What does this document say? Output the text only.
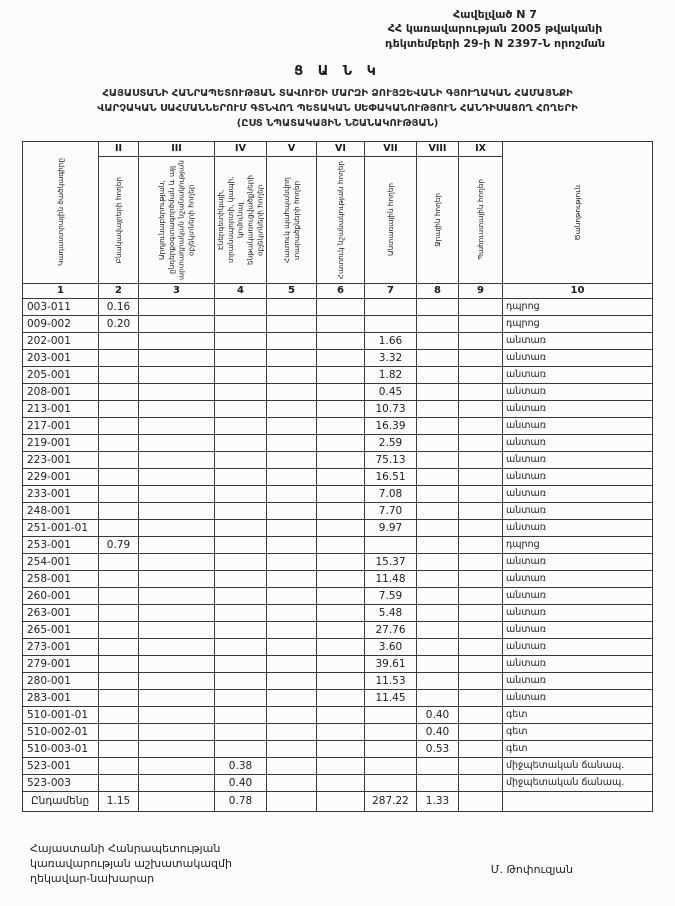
Հավելված N 7
ՀՀ կառավարության 2005 թվականի
դեկտեմբերի 29-ի N 2397-Ն որոշման
Ց Ա Ն Կ
ՀԱՅԱՍՏԱՆԻ ՀԱՆՐԱՊԵՏՈՒԹՅԱՆ ՏԱՎՈՒՇԻ ՄԱՐԶԻ ՁՈՒՅԶԵՎԱՆԻ ԳՅՈՒՂԱԿԱՆ ՀԱՄԱՅՆՔԻ
ՎԱՐՉԱԿԱՆ ՍԱՀՄԱՆՆԵՐՈՒՄ ԳՏՆՎՈՂ ՊԵՏԱԿԱՆ ՍԵՓԱԿԱՆՈՒԹՅՈՒՆ ՀԱՆԴԻՍԱՑՈՂ ՀՈՂԵՐԻ
(ԸՍՏ ՆՊԱՏԱԿԱՅԻՆ ՆՇԱՆԱԿՈՒԹՅԱՆ)
Կադաստրային ծածկագիրը	II	III	IV	V	VI	VII	VIII	IX	Ծանոթություն

	Բնակավայրերի հողեր	Արդյունաբերության, ընդերքօգտագործման և այլ արտադրական նշանակության օբյեկտների հողեր	Էներգետիկայի, տրանսպորտի, կապի, կոմունալ ենթակառուցվածքների օբյեկտների հողեր	Հատուկ պահպանվող տարածքների հողեր	Հատուկ նշանակության հողեր	Անտառային հողեր	Ջրային հողեր	Պահուստային հողեր	

1	2	3	4	5	6	7	8	9	10
003-011	0.16								դպրոց
009-002	0.20								դպրոց
202-001						1.66			անտառ
203-001						3.32			անտառ
205-001						1.82			անտառ
208-001						0.45			անտառ
213-001						10.73			անտառ
217-001						16.39			անտառ
219-001						2.59			անտառ
223-001						75.13			անտառ
229-001						16.51			անտառ
233-001						7.08			անտառ
248-001						7.70			անտառ
251-001-01						9.97			անտառ
253-001	0.79								դպրոց
254-001						15.37			անտառ
258-001						11.48			անտառ
260-001						7.59			անտառ
263-001						5.48			անտառ
265-001						27.76			անտառ
273-001						3.60			անտառ
279-001						39.61			անտառ
280-001						11.53			անտառ
283-001						11.45			անտառ
510-001-01							0.40		գետ
510-002-01							0.40		գետ
510-003-01							0.53		գետ
523-001			0.38						միջպետական ճանապ.
523-003			0.40						միջպետական ճանապ.
Ընդամենը	1.15		0.78			287.22	1.33		
Հայաստանի Հանրապետության
կառավարության աշխատակազմի
ղեկավար-նախարար
Մ. Թոփուզյան
